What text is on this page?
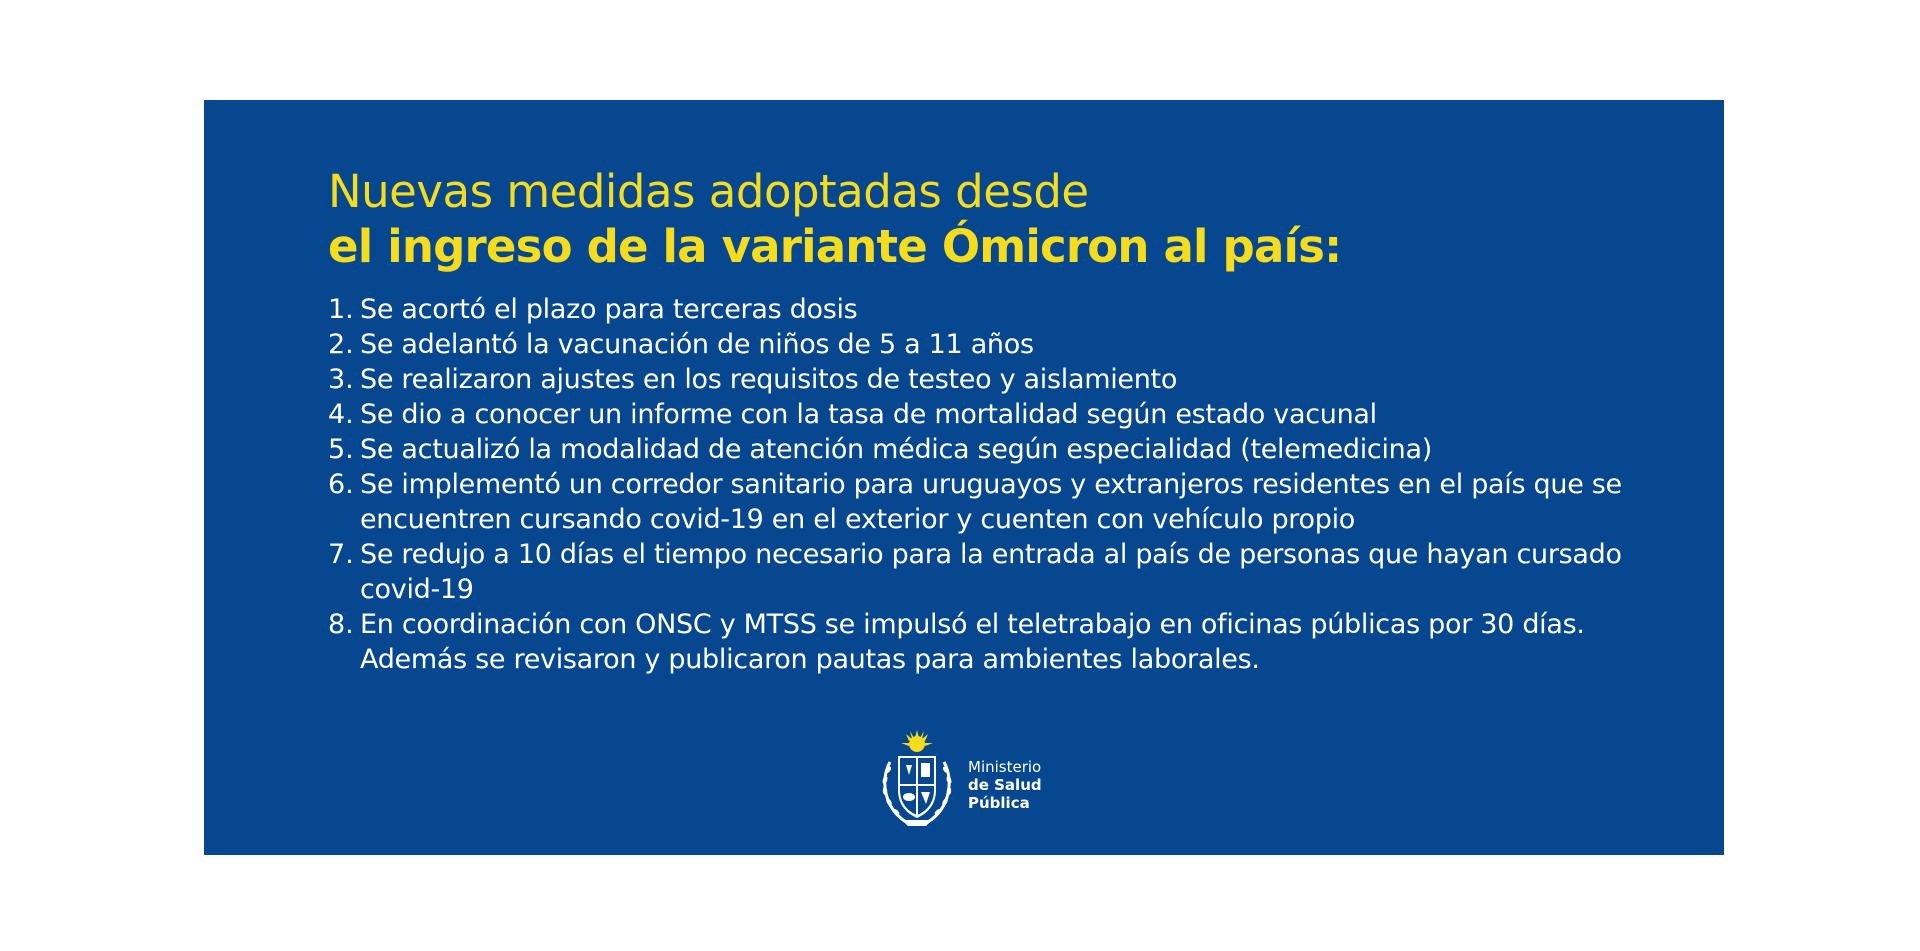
Nuevas medidas adoptadas desde
el ingreso de la variante Ómicron al país:
1. Se acortó el plazo para terceras dosis
2. Se adelantó la vacunación de niños de 5 a 11 años
3. Se realizaron ajustes en los requisitos de testeo y aislamiento
4. Se dio a conocer un informe con la tasa de mortalidad según estado vacunal
5. Se actualizó la modalidad de atención médica según especialidad (telemedicina)
6. Se implementó un corredor sanitario para uruguayos y extranjeros residentes en el país que se encuentren cursando covid-19 en el exterior y cuenten con vehículo propio
7. Se redujo a 10 días el tiempo necesario para la entrada al país de personas que hayan cursado covid-19
8. En coordinación con ONSC y MTSS se impulsó el teletrabajo en oficinas públicas por 30 días. Además se revisaron y publicaron pautas para ambientes laborales.
Ministerio
de Salud
Pública
